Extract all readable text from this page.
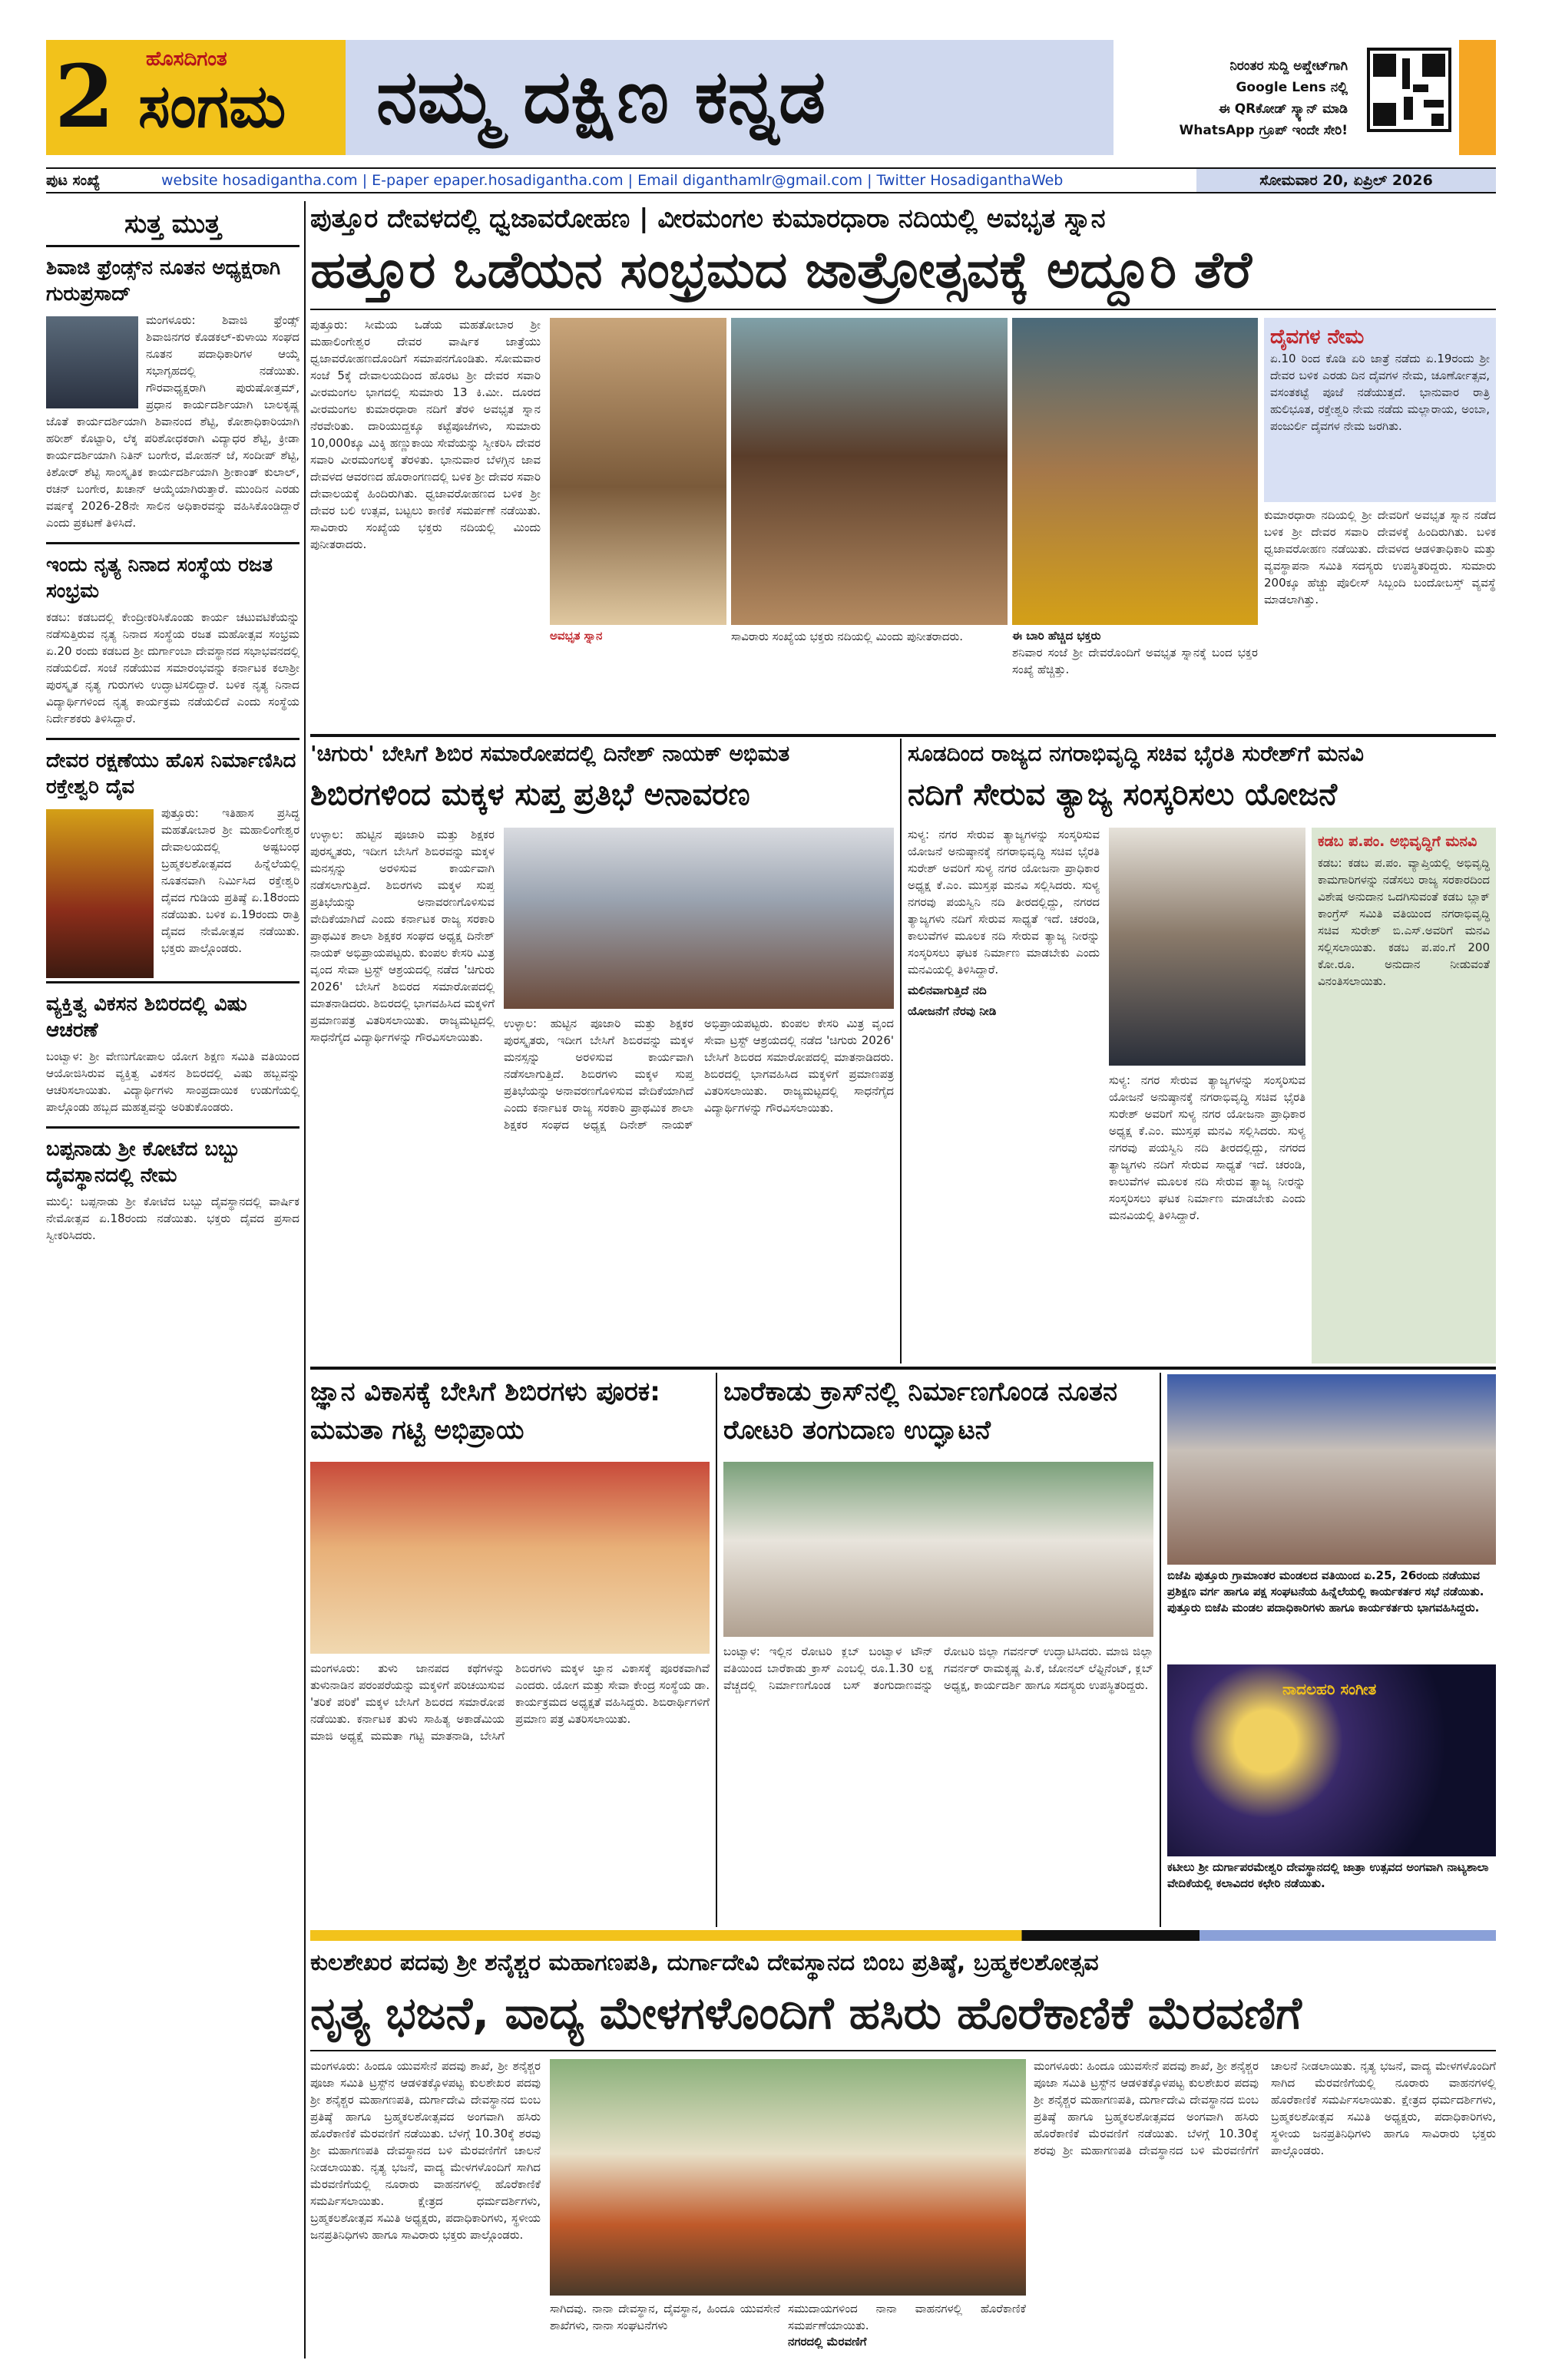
2	ಹೊಸದಿಗಂತ
ಸಂಗಮ ನಮ್ಮ ದಕ್ಷಿಣ ಕನ್ನಡ	ನಿರಂತರ ಸುದ್ದಿ ಅಪ್ಡೇಟ್‌ಗಾಗಿ
Google Lens ನಲ್ಲಿ
ಈ QRಕೋಡ್ ಸ್ಕ್ಯಾನ್ ಮಾಡಿ
WhatsApp ಗ್ರೂಪ್ ಇಂದೇ ಸೇರಿ!
ಪುಟ ಸಂಖ್ಯೆ	website hosadigantha.com | E-paper epaper.hosadigantha.com | Email diganthamlr@gmail.com | Twitter HosadiganthaWeb	ಸೋಮವಾರ 20, ಏಪ್ರಿಲ್ 2026
ಸುತ್ತ ಮುತ್ತ
ಶಿವಾಜಿ ಫ್ರೆಂಡ್ಸ್‌ನ ನೂತನ ಅಧ್ಯಕ್ಷರಾಗಿ ಗುರುಪ್ರಸಾದ್
ಮಂಗಳೂರು: ಶಿವಾಜಿ ಫ್ರೆಂಡ್ಸ್ ಶಿವಾಜಿನಗರ ಕೊಡಕಲ್-ಕುಳಾಯಿ ಸಂಘದ ನೂತನ ಪದಾಧಿಕಾರಿಗಳ ಆಯ್ಕೆ ಸಭಾಗೃಹದಲ್ಲಿ ನಡೆಯಿತು. ಗೌರವಾಧ್ಯಕ್ಷರಾಗಿ ಪುರುಷೋತ್ತಮ್, ಪ್ರಧಾನ ಕಾರ್ಯದರ್ಶಿಯಾಗಿ ಬಾಲಕೃಷ್ಣ ಜೊತೆ ಕಾರ್ಯದರ್ಶಿಯಾಗಿ ಶಿವಾನಂದ ಶೆಟ್ಟಿ, ಕೋಶಾಧಿಕಾರಿಯಾಗಿ ಹರೀಶ್ ಕೊಟ್ಟಾರಿ, ಲೆಕ್ಕ ಪರಿಶೋಧಕರಾಗಿ ವಿದ್ಯಾಧರ ಶೆಟ್ಟಿ, ಕ್ರೀಡಾ ಕಾರ್ಯದರ್ಶಿಯಾಗಿ ನಿತಿನ್ ಬಂಗೇರ, ಮೋಹನ್ ಜೆ, ಸಂದೀಪ್ ಶೆಟ್ಟಿ, ಕಿಶೋರ್ ಶೆಟ್ಟಿ ಸಾಂಸ್ಕೃತಿಕ ಕಾರ್ಯದರ್ಶಿಯಾಗಿ ಶ್ರೀಕಾಂತ್ ಕುಲಾಲ್, ರಚನ್ ಬಂಗೇರ, ಖಚಾನ್ ಆಯ್ಕೆಯಾಗಿರುತ್ತಾರೆ. ಮುಂದಿನ ಎರಡು ವರ್ಷಕ್ಕೆ 2026-28ನೇ ಸಾಲಿನ ಅಧಿಕಾರವನ್ನು ವಹಿಸಿಕೊಂಡಿದ್ದಾರೆ ಎಂದು ಪ್ರಕಟಣೆ ತಿಳಿಸಿದೆ.
ಇಂದು ನೃತ್ಯ ನಿನಾದ ಸಂಸ್ಥೆಯ ರಜತ ಸಂಭ್ರಮ
ಕಡಬ: ಕಡಬದಲ್ಲಿ ಕೇಂದ್ರೀಕರಿಸಿಕೊಂಡು ಕಾರ್ಯ ಚಟುವಟಿಕೆಯನ್ನು ನಡೆಸುತ್ತಿರುವ ನೃತ್ಯ ನಿನಾದ ಸಂಸ್ಥೆಯ ರಜತ ಮಹೋತ್ಸವ ಸಂಭ್ರಮ ಏ.20 ರಂದು ಕಡಬದ ಶ್ರೀ ದುರ್ಗಾಂಬಾ ದೇವಸ್ಥಾನದ ಸಭಾಭವನದಲ್ಲಿ ನಡೆಯಲಿದೆ. ಸಂಜೆ ನಡೆಯುವ ಸಮಾರಂಭವನ್ನು ಕರ್ನಾಟಕ ಕಲಾಶ್ರೀ ಪುರಸ್ಕೃತ ನೃತ್ಯ ಗುರುಗಳು ಉದ್ಘಾಟಿಸಲಿದ್ದಾರೆ. ಬಳಿಕ ನೃತ್ಯ ನಿನಾದ ವಿದ್ಯಾರ್ಥಿಗಳಿಂದ ನೃತ್ಯ ಕಾರ್ಯಕ್ರಮ ನಡೆಯಲಿದೆ ಎಂದು ಸಂಸ್ಥೆಯ ನಿರ್ದೇಶಕರು ತಿಳಿಸಿದ್ದಾರೆ.
ದೇವರ ರಕ್ಷಣೆಯು ಹೊಸ ನಿರ್ಮಾಣಿಸಿದ ರಕ್ತೇಶ್ವರಿ ದೈವ
ಪುತ್ತೂರು: ಇತಿಹಾಸ ಪ್ರಸಿದ್ಧ ಮಹತೋಬಾರ ಶ್ರೀ ಮಹಾಲಿಂಗೇಶ್ವರ ದೇವಾಲಯದಲ್ಲಿ ಅಷ್ಟಬಂಧ ಬ್ರಹ್ಮಕಲಶೋತ್ಸವದ ಹಿನ್ನೆಲೆಯಲ್ಲಿ ನೂತನವಾಗಿ ನಿರ್ಮಿಸಿದ ರಕ್ತೇಶ್ವರಿ ದೈವದ ಗುಡಿಯ ಪ್ರತಿಷ್ಠೆ ಏ.18ರಂದು ನಡೆಯಿತು. ಬಳಿಕ ಏ.19ರಂದು ರಾತ್ರಿ ದೈವದ ನೇಮೋತ್ಸವ ನಡೆಯಿತು. ಭಕ್ತರು ಪಾಲ್ಗೊಂಡರು.
ವ್ಯಕ್ತಿತ್ವ ವಿಕಸನ ಶಿಬಿರದಲ್ಲಿ ವಿಷು ಆಚರಣೆ
ಬಂಟ್ವಾಳ: ಶ್ರೀ ವೇಣುಗೋಪಾಲ ಯೋಗ ಶಿಕ್ಷಣ ಸಮಿತಿ ವತಿಯಿಂದ ಆಯೋಜಿಸಿರುವ ವ್ಯಕ್ತಿತ್ವ ವಿಕಸನ ಶಿಬಿರದಲ್ಲಿ ವಿಷು ಹಬ್ಬವನ್ನು ಆಚರಿಸಲಾಯಿತು. ವಿದ್ಯಾರ್ಥಿಗಳು ಸಾಂಪ್ರದಾಯಿಕ ಉಡುಗೆಯಲ್ಲಿ ಪಾಲ್ಗೊಂಡು ಹಬ್ಬದ ಮಹತ್ವವನ್ನು ಅರಿತುಕೊಂಡರು.
ಬಪ್ಪನಾಡು ಶ್ರೀ ಕೋಟೆದ ಬಬ್ಬು ದೈವಸ್ಥಾನದಲ್ಲಿ ನೇಮ
ಮುಲ್ಕಿ: ಬಪ್ಪನಾಡು ಶ್ರೀ ಕೋಟೆದ ಬಬ್ಬು ದೈವಸ್ಥಾನದಲ್ಲಿ ವಾರ್ಷಿಕ ನೇಮೋತ್ಸವ ಏ.18ರಂದು ನಡೆಯಿತು. ಭಕ್ತರು ದೈವದ ಪ್ರಸಾದ ಸ್ವೀಕರಿಸಿದರು.
ಪುತ್ತೂರ ದೇವಳದಲ್ಲಿ ಧ್ವಜಾವರೋಹಣ | ವೀರಮಂಗಲ ಕುಮಾರಧಾರಾ ನದಿಯಲ್ಲಿ ಅವಭೃತ ಸ್ನಾನ
ಹತ್ತೂರ ಒಡೆಯನ ಸಂಭ್ರಮದ ಜಾತ್ರೋತ್ಸವಕ್ಕೆ ಅದ್ದೂರಿ ತೆರೆ
ಪುತ್ತೂರು: ಸೀಮೆಯ ಒಡೆಯ ಮಹತೋಬಾರ ಶ್ರೀ ಮಹಾಲಿಂಗೇಶ್ವರ ದೇವರ ವಾರ್ಷಿಕ ಜಾತ್ರೆಯು ಧ್ವಜಾವರೋಹಣದೊಂದಿಗೆ ಸಮಾಪನಗೊಂಡಿತು. ಸೋಮವಾರ ಸಂಜೆ 5ಕ್ಕೆ ದೇವಾಲಯದಿಂದ ಹೊರಟ ಶ್ರೀ ದೇವರ ಸವಾರಿ ವೀರಮಂಗಲ ಭಾಗದಲ್ಲಿ ಸುಮಾರು 13 ಕಿ.ಮೀ. ದೂರದ ವೀರಮಂಗಲ ಕುಮಾರಧಾರಾ ನದಿಗೆ ತೆರಳಿ ಅವಭೃತ ಸ್ನಾನ ನೆರವೇರಿತು. ದಾರಿಯುದ್ದಕ್ಕೂ ಕಟ್ಟೆಪೂಜೆಗಳು, ಸುಮಾರು 10,000ಕ್ಕೂ ಮಿಕ್ಕಿ ಹಣ್ಣುಕಾಯಿ ಸೇವೆಯನ್ನು ಸ್ವೀಕರಿಸಿ ದೇವರ ಸವಾರಿ ವೀರಮಂಗಲಕ್ಕೆ ತೆರಳಿತು. ಭಾನುವಾರ ಬೆಳಗ್ಗಿನ ಜಾವ ದೇವಳದ ಆವರಣದ ಹೊರಾಂಗಣದಲ್ಲಿ ಬಳಿಕ ಶ್ರೀ ದೇವರ ಸವಾರಿ ದೇವಾಲಯಕ್ಕೆ ಹಿಂದಿರುಗಿತು. ಧ್ವಜಾವರೋಹಣದ ಬಳಿಕ ಶ್ರೀ ದೇವರ ಬಲಿ ಉತ್ಸವ, ಬಟ್ಟಲು ಕಾಣಿಕೆ ಸಮರ್ಪಣೆ ನಡೆಯಿತು. ಸಾವಿರಾರು ಸಂಖ್ಯೆಯ ಭಕ್ತರು ನದಿಯಲ್ಲಿ ಮಿಂದು ಪುನೀತರಾದರು.
ಅವಭೃತ ಸ್ನಾನ	ಸಾವಿರಾರು ಸಂಖ್ಯೆಯ ಭಕ್ತರು ನದಿಯಲ್ಲಿ ಮಿಂದು ಪುನೀತರಾದರು.	ಈ ಬಾರಿ ಹೆಚ್ಚಿದ ಭಕ್ತರು
ಶನಿವಾರ ಸಂಜೆ ಶ್ರೀ ದೇವರೊಂದಿಗೆ ಅವಭೃತ ಸ್ನಾನಕ್ಕೆ ಬಂದ ಭಕ್ತರ ಸಂಖ್ಯೆ ಹೆಚ್ಚಿತ್ತು.
ದೈವಗಳ ನೇಮ
ಏ.10 ರಿಂದ ಕೊಡಿ ಏರಿ ಜಾತ್ರೆ ನಡೆದು ಏ.19ರಂದು ಶ್ರೀ ದೇವರ ಬಳಿಕ ಎರಡು ದಿನ ದೈವಗಳ ನೇಮ, ಚೂರ್ಣೋತ್ಸವ, ವಸಂತಕಟ್ಟೆ ಪೂಜೆ ನಡೆಯುತ್ತದೆ. ಭಾನುವಾರ ರಾತ್ರಿ ಹುಲಿಭೂತ, ರಕ್ತೇಶ್ವರಿ ನೇಮ ನಡೆದು ಮಲ್ಲಾರಾಯ, ಅಂಬಾ, ಪಂಜುರ್ಲಿ ದೈವಗಳ ನೇಮ ಜರಗಿತು.
ಕುಮಾರಧಾರಾ ನದಿಯಲ್ಲಿ ಶ್ರೀ ದೇವರಿಗೆ ಅವಭೃತ ಸ್ನಾನ ನಡೆದ ಬಳಿಕ ಶ್ರೀ ದೇವರ ಸವಾರಿ ದೇವಳಕ್ಕೆ ಹಿಂದಿರುಗಿತು. ಬಳಿಕ ಧ್ವಜಾವರೋಹಣ ನಡೆಯಿತು. ದೇವಳದ ಆಡಳಿತಾಧಿಕಾರಿ ಮತ್ತು ವ್ಯವಸ್ಥಾಪನಾ ಸಮಿತಿ ಸದಸ್ಯರು ಉಪಸ್ಥಿತರಿದ್ದರು. ಸುಮಾರು 200ಕ್ಕೂ ಹೆಚ್ಚು ಪೊಲೀಸ್ ಸಿಬ್ಬಂದಿ ಬಂದೋಬಸ್ತ್ ವ್ಯವಸ್ಥೆ ಮಾಡಲಾಗಿತ್ತು.
'ಚಿಗುರು' ಬೇಸಿಗೆ ಶಿಬಿರ ಸಮಾರೋಪದಲ್ಲಿ ದಿನೇಶ್ ನಾಯಕ್ ಅಭಿಮತ
ಶಿಬಿರಗಳಿಂದ ಮಕ್ಕಳ ಸುಪ್ತ ಪ್ರತಿಭೆ ಅನಾವರಣ
ಉಳ್ಳಾಲ: ಹುಟ್ಟಿನ ಪೂಜಾರಿ ಮತ್ತು ಶಿಕ್ಷಕರ ಪುರಸ್ಕೃತರು, ಇದೀಗ ಬೇಸಿಗೆ ಶಿಬಿರವನ್ನು ಮಕ್ಕಳ ಮನಸ್ಸನ್ನು ಅರಳಿಸುವ ಕಾರ್ಯವಾಗಿ ನಡೆಸಲಾಗುತ್ತಿದೆ. ಶಿಬಿರಗಳು ಮಕ್ಕಳ ಸುಪ್ತ ಪ್ರತಿಭೆಯನ್ನು ಅನಾವರಣಗೊಳಿಸುವ ವೇದಿಕೆಯಾಗಿದೆ ಎಂದು ಕರ್ನಾಟಕ ರಾಜ್ಯ ಸರಕಾರಿ ಪ್ರಾಥಮಿಕ ಶಾಲಾ ಶಿಕ್ಷಕರ ಸಂಘದ ಅಧ್ಯಕ್ಷ ದಿನೇಶ್ ನಾಯಕ್ ಅಭಿಪ್ರಾಯಪಟ್ಟರು. ಕುಂಪಲ ಕೇಸರಿ ಮಿತ್ರ ವೃಂದ ಸೇವಾ ಟ್ರಸ್ಟ್ ಆಶ್ರಯದಲ್ಲಿ ನಡೆದ 'ಚಿಗುರು 2026' ಬೇಸಿಗೆ ಶಿಬಿರದ ಸಮಾರೋಪದಲ್ಲಿ ಮಾತನಾಡಿದರು. ಶಿಬಿರದಲ್ಲಿ ಭಾಗವಹಿಸಿದ ಮಕ್ಕಳಿಗೆ ಪ್ರಮಾಣಪತ್ರ ವಿತರಿಸಲಾಯಿತು. ರಾಜ್ಯಮಟ್ಟದಲ್ಲಿ ಸಾಧನೆಗೈದ ವಿದ್ಯಾರ್ಥಿಗಳನ್ನು ಗೌರವಿಸಲಾಯಿತು.
ಉಳ್ಳಾಲ: ಹುಟ್ಟಿನ ಪೂಜಾರಿ ಮತ್ತು ಶಿಕ್ಷಕರ ಪುರಸ್ಕೃತರು, ಇದೀಗ ಬೇಸಿಗೆ ಶಿಬಿರವನ್ನು ಮಕ್ಕಳ ಮನಸ್ಸನ್ನು ಅರಳಿಸುವ ಕಾರ್ಯವಾಗಿ ನಡೆಸಲಾಗುತ್ತಿದೆ. ಶಿಬಿರಗಳು ಮಕ್ಕಳ ಸುಪ್ತ ಪ್ರತಿಭೆಯನ್ನು ಅನಾವರಣಗೊಳಿಸುವ ವೇದಿಕೆಯಾಗಿದೆ ಎಂದು ಕರ್ನಾಟಕ ರಾಜ್ಯ ಸರಕಾರಿ ಪ್ರಾಥಮಿಕ ಶಾಲಾ ಶಿಕ್ಷಕರ ಸಂಘದ ಅಧ್ಯಕ್ಷ ದಿನೇಶ್ ನಾಯಕ್ ಅಭಿಪ್ರಾಯಪಟ್ಟರು. ಕುಂಪಲ ಕೇಸರಿ ಮಿತ್ರ ವೃಂದ ಸೇವಾ ಟ್ರಸ್ಟ್ ಆಶ್ರಯದಲ್ಲಿ ನಡೆದ 'ಚಿಗುರು 2026' ಬೇಸಿಗೆ ಶಿಬಿರದ ಸಮಾರೋಪದಲ್ಲಿ ಮಾತನಾಡಿದರು. ಶಿಬಿರದಲ್ಲಿ ಭಾಗವಹಿಸಿದ ಮಕ್ಕಳಿಗೆ ಪ್ರಮಾಣಪತ್ರ ವಿತರಿಸಲಾಯಿತು. ರಾಜ್ಯಮಟ್ಟದಲ್ಲಿ ಸಾಧನೆಗೈದ ವಿದ್ಯಾರ್ಥಿಗಳನ್ನು ಗೌರವಿಸಲಾಯಿತು.
ಸೂಡದಿಂದ ರಾಜ್ಯದ ನಗರಾಭಿವೃದ್ಧಿ ಸಚಿವ ಭೈರತಿ ಸುರೇಶ್‌ಗೆ ಮನವಿ
ನದಿಗೆ ಸೇರುವ ತ್ಯಾಜ್ಯ ಸಂಸ್ಕರಿಸಲು ಯೋಜನೆ
ಸುಳ್ಯ: ನಗರ ಸೇರುವ ತ್ಯಾಜ್ಯಗಳನ್ನು ಸಂಸ್ಕರಿಸುವ ಯೋಜನೆ ಅನುಷ್ಠಾನಕ್ಕೆ ನಗರಾಭಿವೃದ್ಧಿ ಸಚಿವ ಭೈರತಿ ಸುರೇಶ್ ಅವರಿಗೆ ಸುಳ್ಯ ನಗರ ಯೋಜನಾ ಪ್ರಾಧಿಕಾರ ಅಧ್ಯಕ್ಷ ಕೆ.ಎಂ. ಮುಸ್ತಫ ಮನವಿ ಸಲ್ಲಿಸಿದರು. ಸುಳ್ಯ ನಗರವು ಪಯಸ್ವಿನಿ ನದಿ ತೀರದಲ್ಲಿದ್ದು, ನಗರದ ತ್ಯಾಜ್ಯಗಳು ನದಿಗೆ ಸೇರುವ ಸಾಧ್ಯತೆ ಇದೆ. ಚರಂಡಿ, ಕಾಲುವೆಗಳ ಮೂಲಕ ನದಿ ಸೇರುವ ತ್ಯಾಜ್ಯ ನೀರನ್ನು ಸಂಸ್ಕರಿಸಲು ಘಟಕ ನಿರ್ಮಾಣ ಮಾಡಬೇಕು ಎಂದು ಮನವಿಯಲ್ಲಿ ತಿಳಿಸಿದ್ದಾರೆ.
ಮಲಿನವಾಗುತ್ತಿದೆ ನದಿ
ಯೋಜನೆಗೆ ನೆರವು ನೀಡಿ
ಸುಳ್ಯ: ನಗರ ಸೇರುವ ತ್ಯಾಜ್ಯಗಳನ್ನು ಸಂಸ್ಕರಿಸುವ ಯೋಜನೆ ಅನುಷ್ಠಾನಕ್ಕೆ ನಗರಾಭಿವೃದ್ಧಿ ಸಚಿವ ಭೈರತಿ ಸುರೇಶ್ ಅವರಿಗೆ ಸುಳ್ಯ ನಗರ ಯೋಜನಾ ಪ್ರಾಧಿಕಾರ ಅಧ್ಯಕ್ಷ ಕೆ.ಎಂ. ಮುಸ್ತಫ ಮನವಿ ಸಲ್ಲಿಸಿದರು. ಸುಳ್ಯ ನಗರವು ಪಯಸ್ವಿನಿ ನದಿ ತೀರದಲ್ಲಿದ್ದು, ನಗರದ ತ್ಯಾಜ್ಯಗಳು ನದಿಗೆ ಸೇರುವ ಸಾಧ್ಯತೆ ಇದೆ. ಚರಂಡಿ, ಕಾಲುವೆಗಳ ಮೂಲಕ ನದಿ ಸೇರುವ ತ್ಯಾಜ್ಯ ನೀರನ್ನು ಸಂಸ್ಕರಿಸಲು ಘಟಕ ನಿರ್ಮಾಣ ಮಾಡಬೇಕು ಎಂದು ಮನವಿಯಲ್ಲಿ ತಿಳಿಸಿದ್ದಾರೆ.
ಕಡಬ ಪ.ಪಂ. ಅಭಿವೃದ್ಧಿಗೆ ಮನವಿ
ಕಡಬ: ಕಡಬ ಪ.ಪಂ. ವ್ಯಾಪ್ತಿಯಲ್ಲಿ ಅಭಿವೃದ್ಧಿ ಕಾಮಗಾರಿಗಳನ್ನು ನಡೆಸಲು ರಾಜ್ಯ ಸರಕಾರದಿಂದ ವಿಶೇಷ ಅನುದಾನ ಒದಗಿಸುವಂತೆ ಕಡಬ ಬ್ಲಾಕ್ ಕಾಂಗ್ರೆಸ್ ಸಮಿತಿ ವತಿಯಿಂದ ನಗರಾಭಿವೃದ್ಧಿ ಸಚಿವ ಸುರೇಶ್ ಬಿ.ಎಸ್.ಅವರಿಗೆ ಮನವಿ ಸಲ್ಲಿಸಲಾಯಿತು. ಕಡಬ ಪ.ಪಂ.ಗೆ 200 ಕೋ.ರೂ. ಅನುದಾನ ನೀಡುವಂತೆ ವಿನಂತಿಸಲಾಯಿತು.
ಜ್ಞಾನ ವಿಕಾಸಕ್ಕೆ ಬೇಸಿಗೆ ಶಿಬಿರಗಳು ಪೂರಕ: ಮಮತಾ ಗಟ್ಟಿ ಅಭಿಪ್ರಾಯ
ಮಂಗಳೂರು: ತುಳು ಜಾನಪದ ಕಥೆಗಳನ್ನು ತುಳುನಾಡಿನ ಪರಂಪರೆಯನ್ನು ಮಕ್ಕಳಿಗೆ ಪರಿಚಯಿಸುವ 'ತರಿಕೆ ಪರಿಕೆ' ಮಕ್ಕಳ ಬೇಸಿಗೆ ಶಿಬಿರದ ಸಮಾರೋಪ ನಡೆಯಿತು. ಕರ್ನಾಟಕ ತುಳು ಸಾಹಿತ್ಯ ಅಕಾಡೆಮಿಯ ಮಾಜಿ ಅಧ್ಯಕ್ಷೆ ಮಮತಾ ಗಟ್ಟಿ ಮಾತನಾಡಿ, ಬೇಸಿಗೆ ಶಿಬಿರಗಳು ಮಕ್ಕಳ ಜ್ಞಾನ ವಿಕಾಸಕ್ಕೆ ಪೂರಕವಾಗಿವೆ ಎಂದರು. ಯೋಗ ಮತ್ತು ಸೇವಾ ಕೇಂದ್ರ ಸಂಸ್ಥೆಯ ಡಾ. ಕಾರ್ಯಕ್ರಮದ ಅಧ್ಯಕ್ಷತೆ ವಹಿಸಿದ್ದರು. ಶಿಬಿರಾರ್ಥಿಗಳಿಗೆ ಪ್ರಮಾಣ ಪತ್ರ ವಿತರಿಸಲಾಯಿತು.
ಬಾರೆಕಾಡು ಕ್ರಾಸ್‌ನಲ್ಲಿ ನಿರ್ಮಾಣಗೊಂಡ ನೂತನ ರೋಟರಿ ತಂಗುದಾಣ ಉದ್ಘಾಟನೆ
ಬಂಟ್ವಾಳ: ಇಲ್ಲಿನ ರೋಟರಿ ಕ್ಲಬ್ ಬಂಟ್ವಾಳ ಟೌನ್ ವತಿಯಿಂದ ಬಾರೆಕಾಡು ಕ್ರಾಸ್ ಎಂಬಲ್ಲಿ ರೂ.1.30 ಲಕ್ಷ ವೆಚ್ಚದಲ್ಲಿ ನಿರ್ಮಾಣಗೊಂಡ ಬಸ್ ತಂಗುದಾಣವನ್ನು ರೋಟರಿ ಜಿಲ್ಲಾ ಗವರ್ನರ್ ಉದ್ಘಾಟಿಸಿದರು. ಮಾಜಿ ಜಿಲ್ಲಾ ಗವರ್ನರ್ ರಾಮಕೃಷ್ಣ ಪಿ.ಕೆ, ಜೋನಲ್ ಲೆಫ್ಟಿನೆಂಟ್, ಕ್ಲಬ್ ಅಧ್ಯಕ್ಷ, ಕಾರ್ಯದರ್ಶಿ ಹಾಗೂ ಸದಸ್ಯರು ಉಪಸ್ಥಿತರಿದ್ದರು.
ಬಿಜೆಪಿ ಪುತ್ತೂರು ಗ್ರಾಮಾಂತರ ಮಂಡಲದ ವತಿಯಿಂದ ಏ.25, 26ರಂದು ನಡೆಯುವ ಪ್ರಶಿಕ್ಷಣ ವರ್ಗ ಹಾಗೂ ಪಕ್ಷ ಸಂಘಟನೆಯ ಹಿನ್ನೆಲೆಯಲ್ಲಿ ಕಾರ್ಯಕರ್ತರ ಸಭೆ ನಡೆಯಿತು. ಪುತ್ತೂರು ಬಿಜೆಪಿ ಮಂಡಲ ಪದಾಧಿಕಾರಿಗಳು ಹಾಗೂ ಕಾರ್ಯಕರ್ತರು ಭಾಗವಹಿಸಿದ್ದರು.
ನಾದಲಹರಿ ಸಂಗೀತ
ಕಟೀಲು ಶ್ರೀ ದುರ್ಗಾಪರಮೇಶ್ವರಿ ದೇವಸ್ಥಾನದಲ್ಲಿ ಜಾತ್ರಾ ಉತ್ಸವದ ಅಂಗವಾಗಿ ನಾಟ್ಯಶಾಲಾ ವೇದಿಕೆಯಲ್ಲಿ ಕಲಾವಿದರ ಕಛೇರಿ ನಡೆಯಿತು.
ಕುಲಶೇಖರ ಪದವು ಶ್ರೀ ಶನೈಶ್ಚರ ಮಹಾಗಣಪತಿ, ದುರ್ಗಾದೇವಿ ದೇವಸ್ಥಾನದ ಬಿಂಬ ಪ್ರತಿಷ್ಠೆ, ಬ್ರಹ್ಮಕಲಶೋತ್ಸವ
ನೃತ್ಯ ಭಜನೆ, ವಾದ್ಯ ಮೇಳಗಳೊಂದಿಗೆ ಹಸಿರು ಹೊರೆಕಾಣಿಕೆ ಮೆರವಣಿಗೆ
ಮಂಗಳೂರು: ಹಿಂದೂ ಯುವಸೇನೆ ಪದವು ಶಾಖೆ, ಶ್ರೀ ಶನೈಶ್ಚರ ಪೂಜಾ ಸಮಿತಿ ಟ್ರಸ್ಟ್‌ನ ಆಡಳಿತಕ್ಕೊಳಪಟ್ಟ ಕುಲಶೇಖರ ಪದವು ಶ್ರೀ ಶನೈಶ್ಚರ ಮಹಾಗಣಪತಿ, ದುರ್ಗಾದೇವಿ ದೇವಸ್ಥಾನದ ಬಿಂಬ ಪ್ರತಿಷ್ಠೆ ಹಾಗೂ ಬ್ರಹ್ಮಕಲಶೋತ್ಸವದ ಅಂಗವಾಗಿ ಹಸಿರು ಹೊರೆಕಾಣಿಕೆ ಮೆರವಣಿಗೆ ನಡೆಯಿತು. ಬೆಳಗ್ಗೆ 10.30ಕ್ಕೆ ಶರವು ಶ್ರೀ ಮಹಾಗಣಪತಿ ದೇವಸ್ಥಾನದ ಬಳಿ ಮೆರವಣಿಗೆಗೆ ಚಾಲನೆ ನೀಡಲಾಯಿತು. ನೃತ್ಯ ಭಜನೆ, ವಾದ್ಯ ಮೇಳಗಳೊಂದಿಗೆ ಸಾಗಿದ ಮೆರವಣಿಗೆಯಲ್ಲಿ ನೂರಾರು ವಾಹನಗಳಲ್ಲಿ ಹೊರೆಕಾಣಿಕೆ ಸಮರ್ಪಿಸಲಾಯಿತು. ಕ್ಷೇತ್ರದ ಧರ್ಮದರ್ಶಿಗಳು, ಬ್ರಹ್ಮಕಲಶೋತ್ಸವ ಸಮಿತಿ ಅಧ್ಯಕ್ಷರು, ಪದಾಧಿಕಾರಿಗಳು, ಸ್ಥಳೀಯ ಜನಪ್ರತಿನಿಧಿಗಳು ಹಾಗೂ ಸಾವಿರಾರು ಭಕ್ತರು ಪಾಲ್ಗೊಂಡರು.
ಸಾಗಿದವು. ನಾನಾ ದೇವಸ್ಥಾನ, ದೈವಸ್ಥಾನ, ಹಿಂದೂ ಯುವಸೇನೆ ಶಾಖೆಗಳು, ನಾನಾ ಸಂಘಟನೆಗಳು
ಸಮುದಾಯಗಳಿಂದ ನಾನಾ ವಾಹನಗಳಲ್ಲಿ ಹೊರೆಕಾಣಿಕೆ ಸಮರ್ಪಣೆಯಾಯಿತು.
ನಗರದಲ್ಲಿ ಮೆರವಣಿಗೆ
ಮಂಗಳೂರು: ಹಿಂದೂ ಯುವಸೇನೆ ಪದವು ಶಾಖೆ, ಶ್ರೀ ಶನೈಶ್ಚರ ಪೂಜಾ ಸಮಿತಿ ಟ್ರಸ್ಟ್‌ನ ಆಡಳಿತಕ್ಕೊಳಪಟ್ಟ ಕುಲಶೇಖರ ಪದವು ಶ್ರೀ ಶನೈಶ್ಚರ ಮಹಾಗಣಪತಿ, ದುರ್ಗಾದೇವಿ ದೇವಸ್ಥಾನದ ಬಿಂಬ ಪ್ರತಿಷ್ಠೆ ಹಾಗೂ ಬ್ರಹ್ಮಕಲಶೋತ್ಸವದ ಅಂಗವಾಗಿ ಹಸಿರು ಹೊರೆಕಾಣಿಕೆ ಮೆರವಣಿಗೆ ನಡೆಯಿತು. ಬೆಳಗ್ಗೆ 10.30ಕ್ಕೆ ಶರವು ಶ್ರೀ ಮಹಾಗಣಪತಿ ದೇವಸ್ಥಾನದ ಬಳಿ ಮೆರವಣಿಗೆಗೆ ಚಾಲನೆ ನೀಡಲಾಯಿತು. ನೃತ್ಯ ಭಜನೆ, ವಾದ್ಯ ಮೇಳಗಳೊಂದಿಗೆ ಸಾಗಿದ ಮೆರವಣಿಗೆಯಲ್ಲಿ ನೂರಾರು ವಾಹನಗಳಲ್ಲಿ ಹೊರೆಕಾಣಿಕೆ ಸಮರ್ಪಿಸಲಾಯಿತು. ಕ್ಷೇತ್ರದ ಧರ್ಮದರ್ಶಿಗಳು, ಬ್ರಹ್ಮಕಲಶೋತ್ಸವ ಸಮಿತಿ ಅಧ್ಯಕ್ಷರು, ಪದಾಧಿಕಾರಿಗಳು, ಸ್ಥಳೀಯ ಜನಪ್ರತಿನಿಧಿಗಳು ಹಾಗೂ ಸಾವಿರಾರು ಭಕ್ತರು ಪಾಲ್ಗೊಂಡರು.
